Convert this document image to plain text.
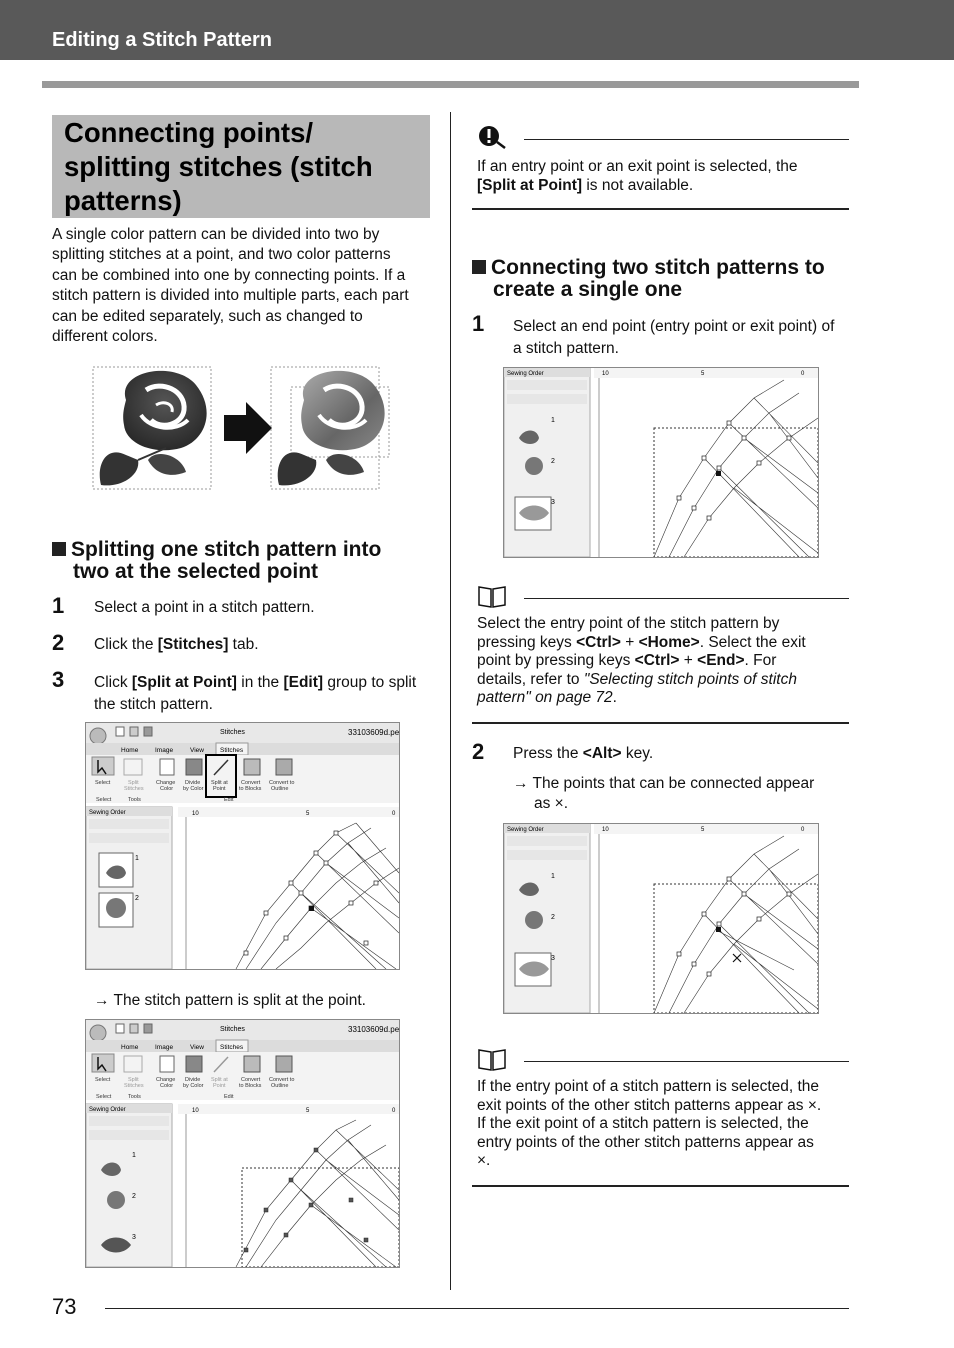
Editing a Stitch Pattern
Connecting points/
splitting stitches (stitch
patterns)
A single color pattern can be divided into two by
splitting stitches at a point, and two color patterns
can be combined into one by connecting points. If a
stitch pattern is divided into multiple parts, each part
can be edited separately, such as changed to
different colors.
Splitting one stitch pattern into
two at the selected point
1 Select a point in a stitch pattern.
2 Click the [Stitches] tab.
3 Click [Split at Point] in the [Edit] group to split
the stitch pattern.
Stitches	33103609d.pe
Home	Image	View Stitches
Select	Split
Stitches
Change
Color
Divide
by Color
Split at
Point
Convert
to Blocks
Convert to
Outline
Select	Tools	Edit
Sewing Order
1
2
10	5	0
→ The stitch pattern is split at the point.
Stitches	33103609d.pe
Home	Image	View Stitches
Select	Split
Stitches
Change
Color
Divide
by Color
Split at
Point
Convert
to Blocks
Convert to
Outline
Select	Tools	Edit
Sewing Order
1
2
3
10	5	0
If an entry point or an exit point is selected, the
[Split at Point] is not available.
Connecting two stitch patterns to
create a single one
1 Select an end point (entry point or exit point) of
a stitch pattern.
Sewing Order
1
2
3
10	5	0
Select the entry point of the stitch pattern by
pressing keys <Ctrl> + <Home>. Select the exit
point by pressing keys <Ctrl> + <End>. For
details, refer to "Selecting stitch points of stitch
pattern" on page 72.
2 Press the <Alt> key.
→ The points that can be connected appear
as ×.
Sewing Order
1
2
3
10	5	0
If the entry point of a stitch pattern is selected, the
exit points of the other stitch patterns appear as ×.
If the exit point of a stitch pattern is selected, the
entry points of the other stitch patterns appear as
×.
73
